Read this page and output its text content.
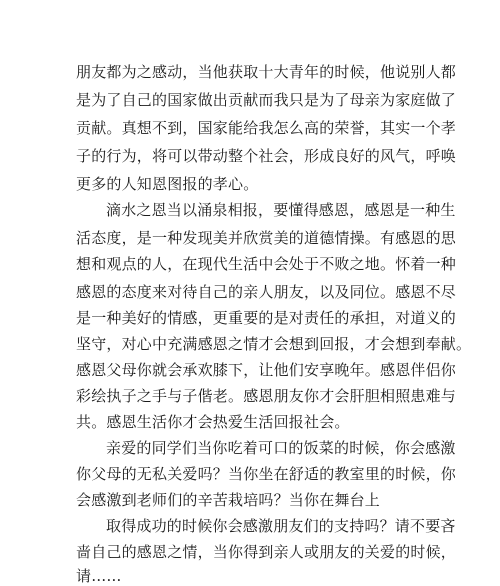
朋友都为之感动，当他获取十大青年的时候，他说别人都
是为了自己的国家做出贡献而我只是为了母亲为家庭做了
贡献。真想不到，国家能给我怎么高的荣誉，其实一个孝
子的行为，将可以带动整个社会，形成良好的风气，呼唤
更多的人知恩图报的孝心。
滴水之恩当以涌泉相报，要懂得感恩，感恩是一种生
活态度，是一种发现美并欣赏美的道德情操。有感恩的思
想和观点的人，在现代生活中会处于不败之地。怀着一种
感恩的态度来对待自己的亲人朋友，以及同位。感恩不尽
是一种美好的情感，更重要的是对责任的承担，对道义的
坚守，对心中充满感恩之情才会想到回报，才会想到奉献。
感恩父母你就会承欢膝下，让他们安享晚年。感恩伴侣你
彩绘执子之手与子偕老。感恩朋友你才会肝胆相照患难与
共。感恩生活你才会热爱生活回报社会。
亲爱的同学们当你吃着可口的饭菜的时候，你会感激
你父母的无私关爱吗？当你坐在舒适的教室里的时候，你
会感激到老师们的辛苦栽培吗？当你在舞台上
取得成功的时候你会感激朋友们的支持吗？请不要吝
啬自己的感恩之情，当你得到亲人或朋友的关爱的时候，
请……
